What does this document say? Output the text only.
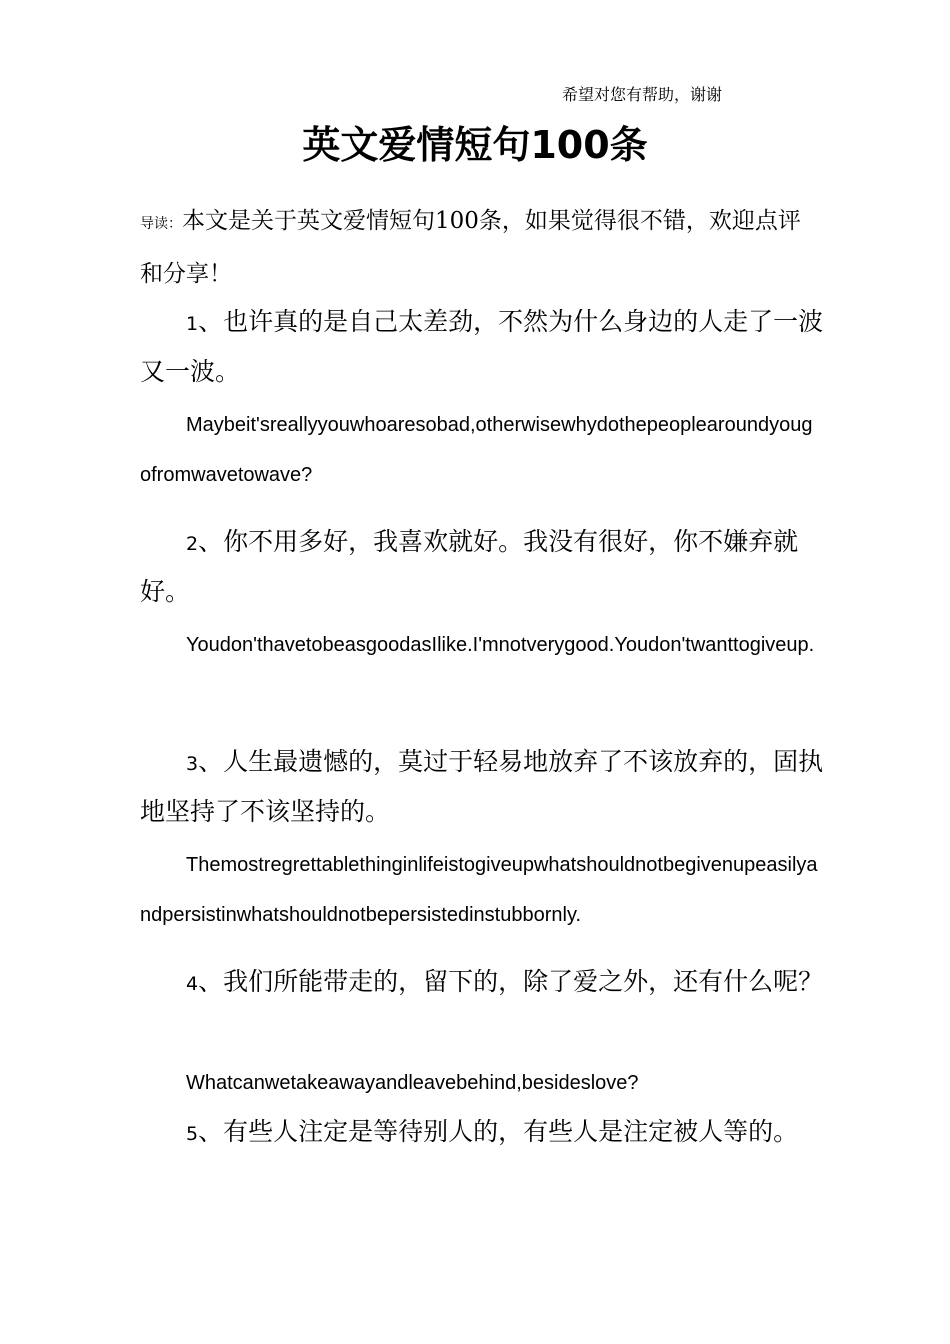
希望对您有帮助，谢谢
英文爱情短句100条
导读：本文是关于英文爱情短句100条，如果觉得很不错，欢迎点评和分享！
1、也许真的是自己太差劲，不然为什么身边的人走了一波又一波。
Maybeit'sreallyyouwhoaresobad,otherwisewhydothepeoplearoundyougofromwavetowave?
2、你不用多好，我喜欢就好。我没有很好，你不嫌弃就好。
Youdon'thavetobeasgoodasIlike.I'mnotverygood.Youdon'twanttogiveup.
3、人生最遗憾的，莫过于轻易地放弃了不该放弃的，固执地坚持了不该坚持的。
Themostregrettablethinginlifeistogiveupwhatshouldnotbegivenupeasilyandpersistinwhatshouldnotbepersistedinstubbornly.
4、我们所能带走的，留下的，除了爱之外，还有什么呢？
Whatcanwetakeawayandleavebehind,besideslove?
5、有些人注定是等待别人的，有些人是注定被人等的。
